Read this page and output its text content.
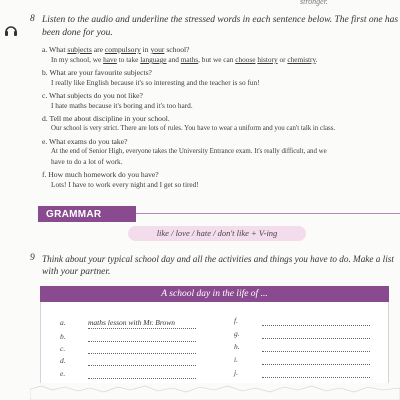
stronger.
8 Listen to the audio and underline the stressed words in each sentence below. The first one has
been done for you.
a. What subjects are compulsory in your school?
In my school, we have to take language and maths, but we can choose history or chemistry.
b. What are your favourite subjects?
I really like English because it's so interesting and the teacher is so fun!
c. What subjects do you not like?
I hate maths because it's boring and it's too hard.
d. Tell me about discipline in your school.
Our school is very strict. There are lots of rules. You have to wear a uniform and you can't talk in class.
e. What exams do you take?
At the end of Senior High, everyone takes the University Entrance exam. It's really difficult, and we
have to do a lot of work.
f. How much homework do you have?
Lots! I have to work every night and I get so tired!
GRAMMAR
like / love / hate / don't like + V-ing
9 Think about your typical school day and all the activities and things you have to do. Make a list
with your partner.
A school day in the life of ...
a.	maths lesson with Mr. Brown
b.
c.
d.
e.
f.
g.
h.
i.
j.
